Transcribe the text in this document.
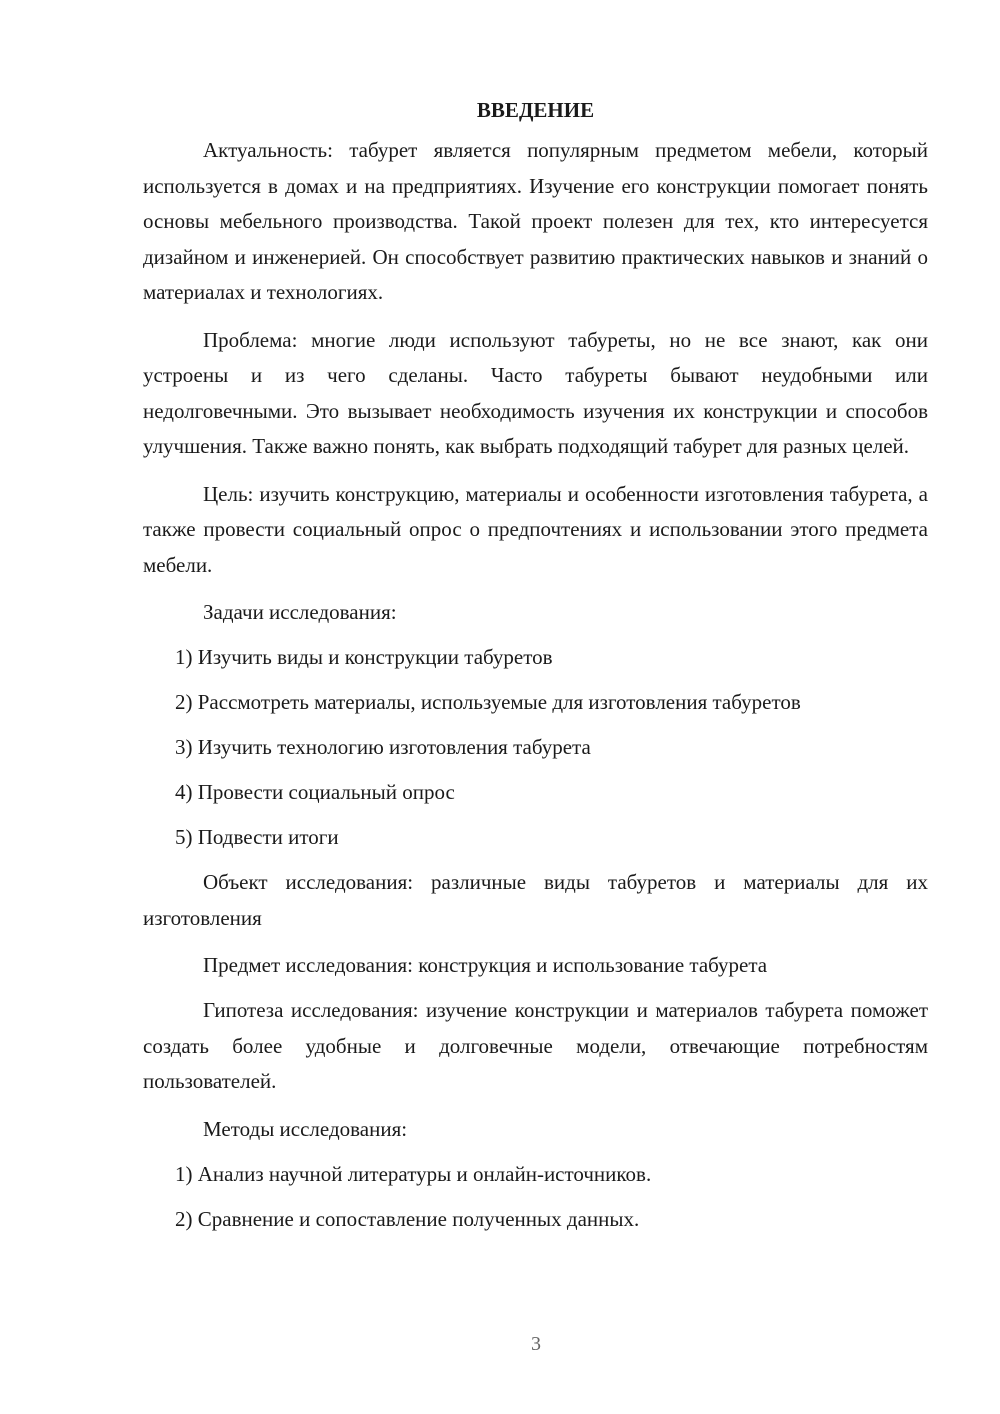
ВВЕДЕНИЕ

Актуальность: табурет является популярным предметом мебели, который используется в домах и на предприятиях. Изучение его конструкции помогает понять основы мебельного производства. Такой проект полезен для тех, кто интересуется дизайном и инженерией. Он способствует развитию практических навыков и знаний о материалах и технологиях.

Проблема: многие люди используют табуреты, но не все знают, как они устроены и из чего сделаны. Часто табуреты бывают неудобными или недолговечными. Это вызывает необходимость изучения их конструкции и способов улучшения. Также важно понять, как выбрать подходящий табурет для разных целей.

Цель: изучить конструкцию, материалы и особенности изготовления табурета, а также провести социальный опрос о предпочтениях и использовании этого предмета мебели.

Задачи исследования:

1) Изучить виды и конструкции табуретов
2) Рассмотреть материалы, используемые для изготовления табуретов
3) Изучить технологию изготовления табурета
4) Провести социальный опрос
5) Подвести итоги

Объект исследования: различные виды табуретов и материалы для их изготовления

Предмет исследования: конструкция и использование табурета

Гипотеза исследования: изучение конструкции и материалов табурета поможет создать более удобные и долговечные модели, отвечающие потребностям пользователей.

Методы исследования:

1) Анализ научной литературы и онлайн-источников.
2) Сравнение и сопоставление полученных данных.
3
